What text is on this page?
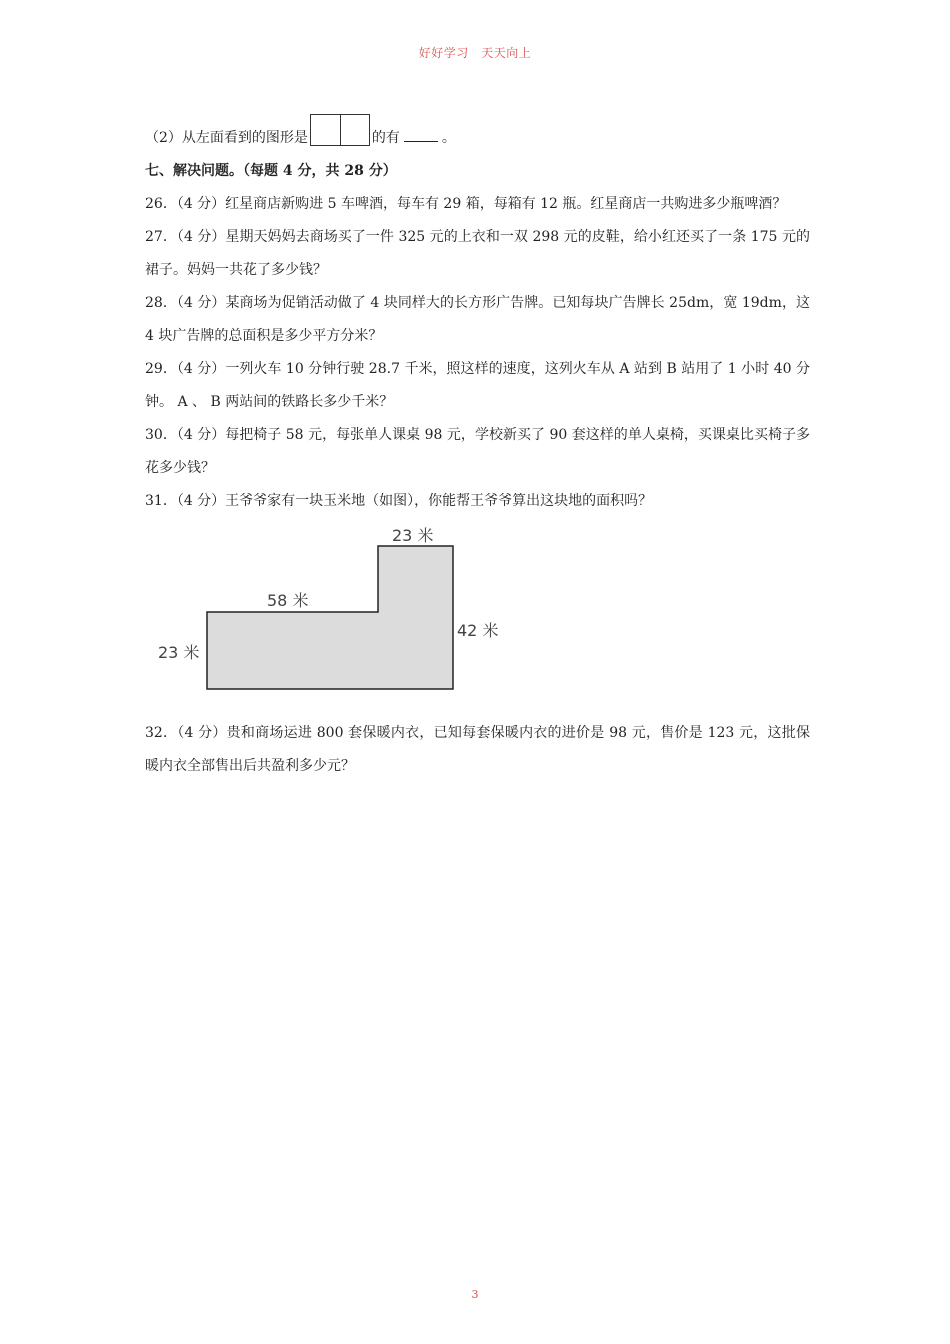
好好学习　天天向上
（2）从左面看到的图形是	的有	。
七、解决问题。（每题 4 分，共 28 分）
26．（4 分）红星商店新购进 5 车啤酒，每车有 29 箱，每箱有 12 瓶。红星商店一共购进多少瓶啤酒？
27．（4 分）星期天妈妈去商场买了一件 325 元的上衣和一双 298 元的皮鞋，给小红还买了一条 175 元的裙子。妈妈一共花了多少钱？
28．（4 分）某商场为促销活动做了 4 块同样大的长方形广告牌。已知每块广告牌长 25dm，宽 19dm，这 4 块广告牌的总面积是多少平方分米？
29．（4 分）一列火车 10 分钟行驶 28.7 千米，照这样的速度，这列火车从 A 站到 B 站用了 1 小时 40 分钟。 A 、 B 两站间的铁路长多少千米？
30．（4 分）每把椅子 58 元，每张单人课桌 98 元，学校新买了 90 套这样的单人桌椅，买课桌比买椅子多花多少钱？
31．（4 分）王爷爷家有一块玉米地（如图），你能帮王爷爷算出这块地的面积吗？
23 米
58 米
42 米
23 米
32．（4 分）贵和商场运进 800 套保暖内衣，已知每套保暖内衣的进价是 98 元，售价是 123 元，这批保暖内衣全部售出后共盈利多少元？
3
